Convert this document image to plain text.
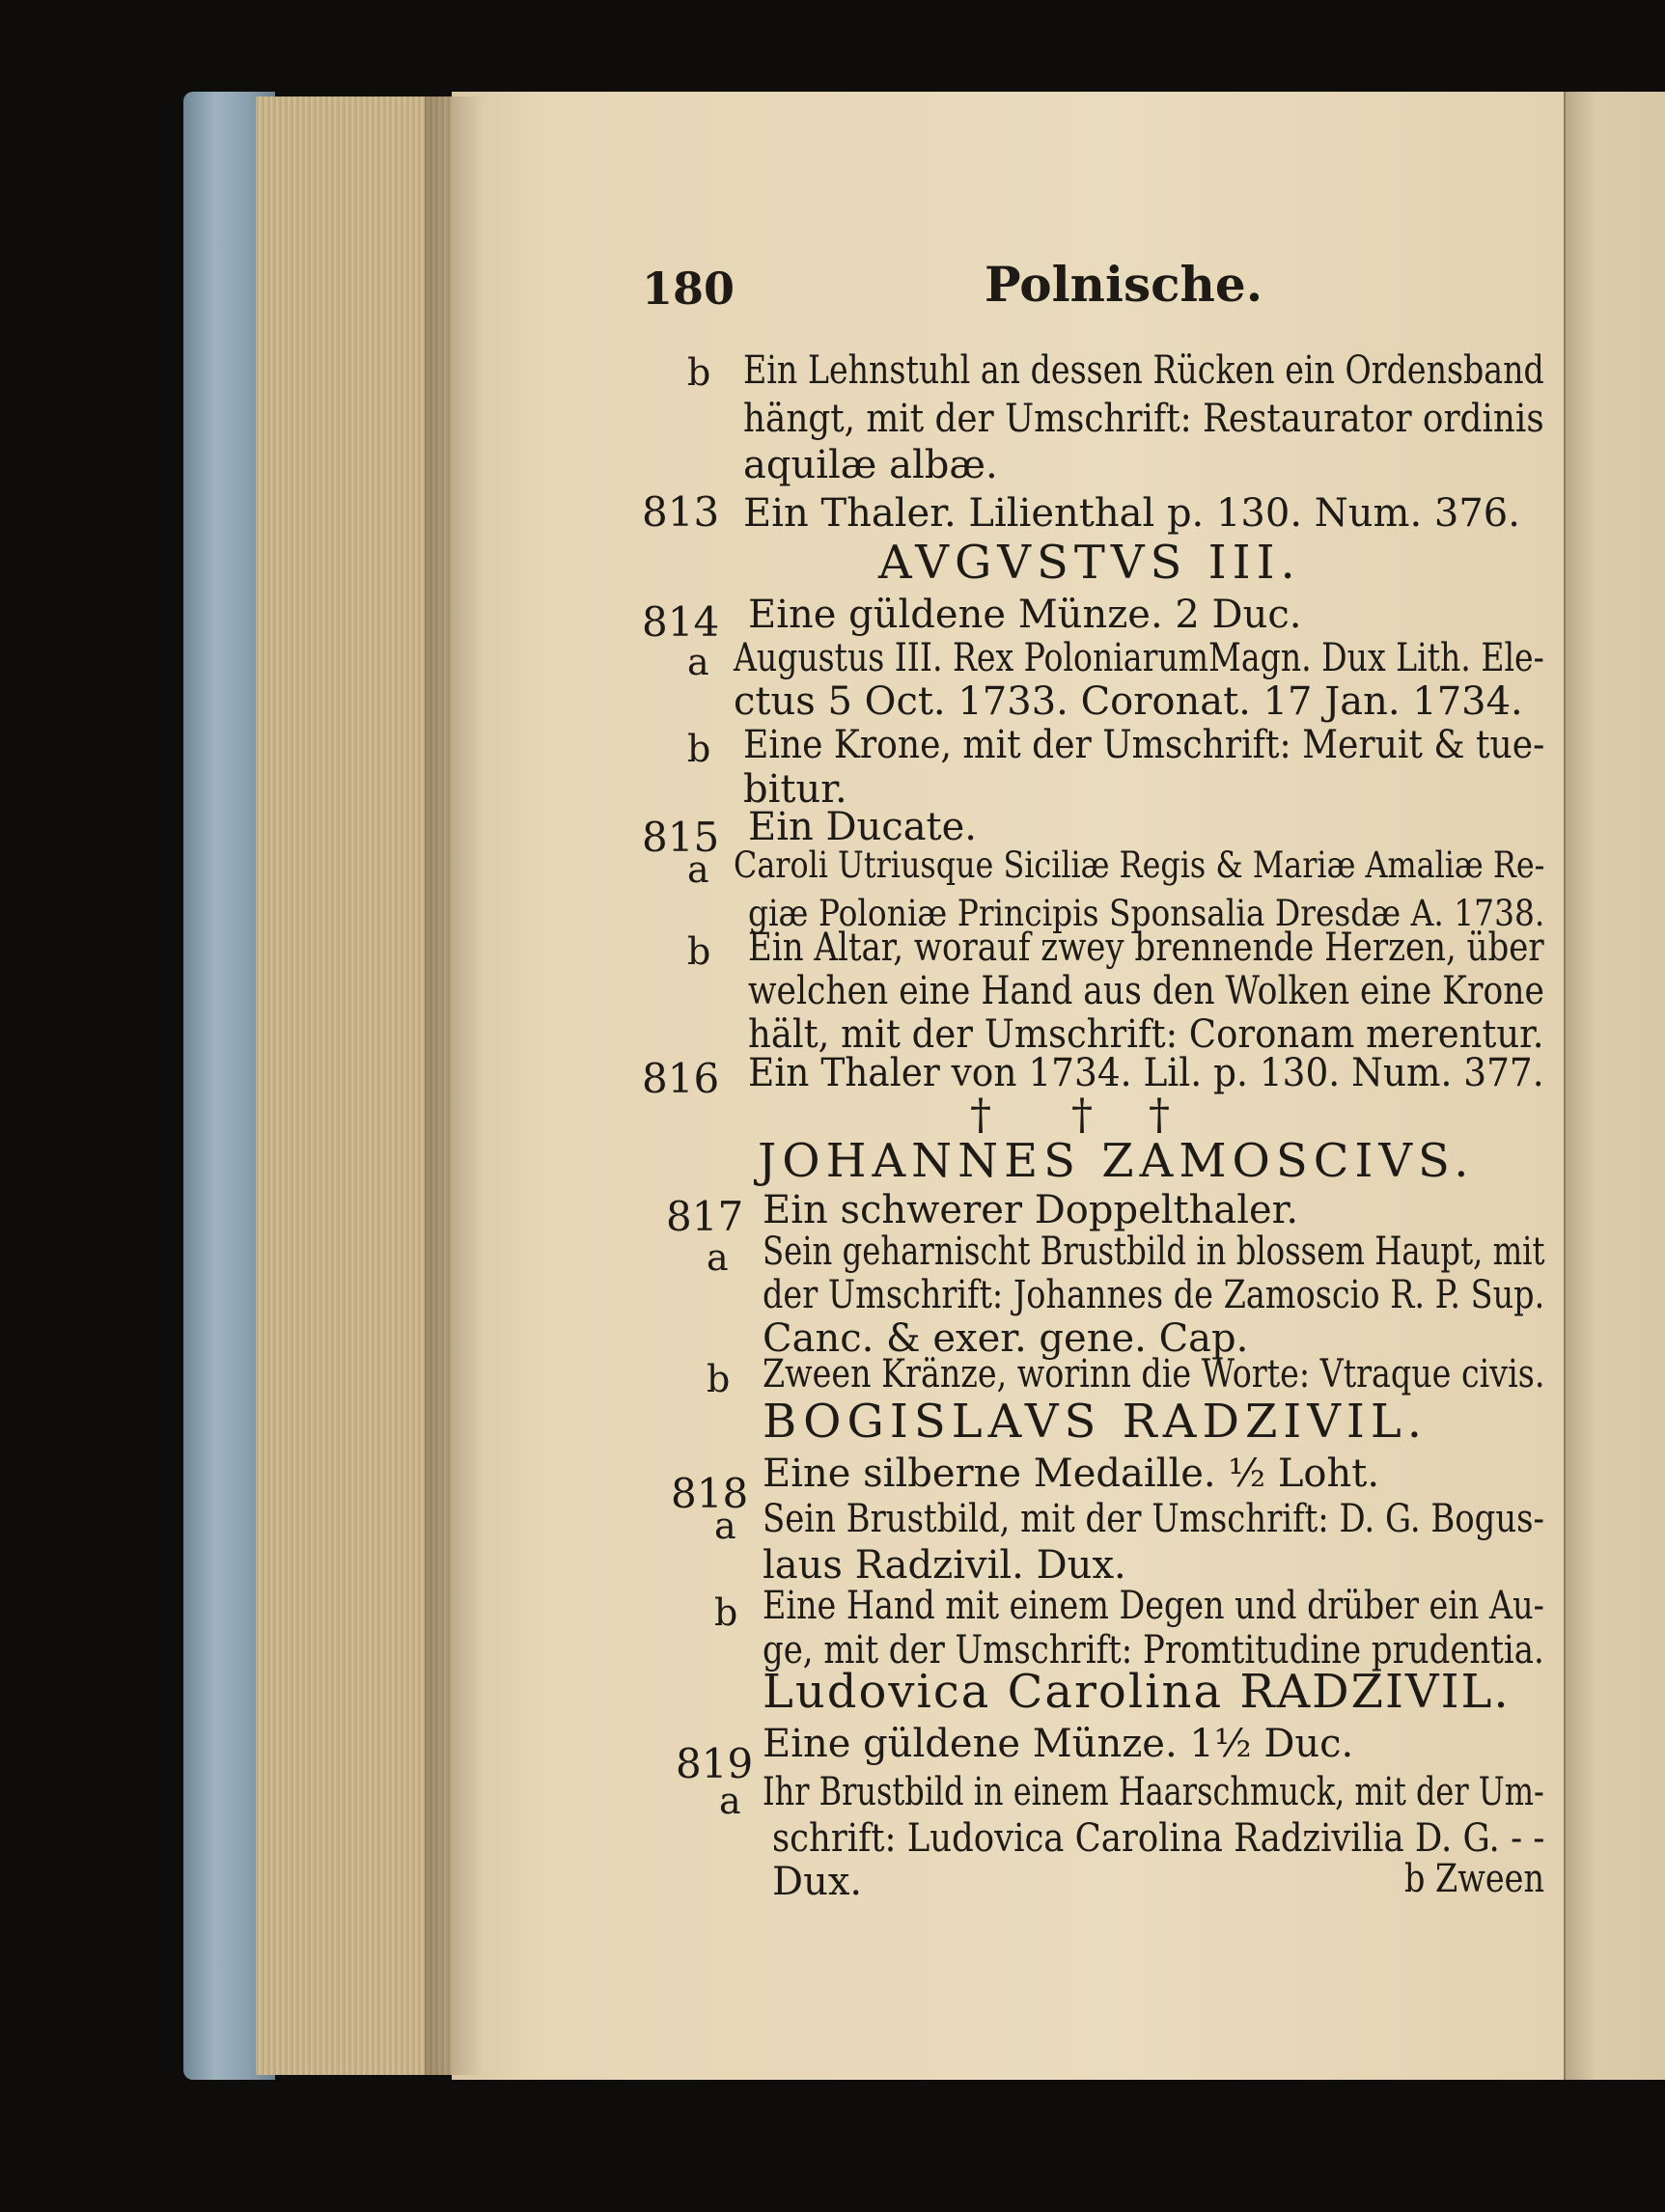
180	Polnische.
b Ein Lehnstuhl an dessen Rücken ein Ordensband
hängt, mit der Umschrift: Restaurator ordinis
aquilæ albæ.
813 Ein Thaler. Lilienthal p. 130. Num. 376.
AVGVSTVS III.
814 Eine güldene Münze. 2 Duc.
a Augustus III. Rex PoloniarumMagn. Dux Lith. Ele-
ctus 5 Oct. 1733. Coronat. 17 Jan. 1734.
b Eine Krone, mit der Umschrift: Meruit & tue-
bitur.
815 Ein Ducate.
a Caroli Utriusque Siciliæ Regis & Mariæ Amaliæ Re-
giæ Poloniæ Principis Sponsalia Dresdæ A. 1738.
b Ein Altar, worauf zwey brennende Herzen, über
welchen eine Hand aus den Wolken eine Krone
hält, mit der Umschrift: Coronam merentur.
816 Ein Thaler von 1734. Lil. p. 130. Num. 377.
† † †
JOHANNES ZAMOSCIVS.
817 Ein schwerer Doppelthaler.
a Sein geharnischt Brustbild in blossem Haupt, mit
der Umschrift: Johannes de Zamoscio R. P. Sup.
Canc. & exer. gene. Cap.
b Zween Kränze, worinn die Worte: Vtraque civis.
BOGISLAVS RADZIVIL.
818 Eine silberne Medaille. ½ Loht.
a Sein Brustbild, mit der Umschrift: D. G. Bogus-
laus Radzivil. Dux.
b Eine Hand mit einem Degen und drüber ein Au-
ge, mit der Umschrift: Promtitudine prudentia.
Ludovica Carolina RADZIVIL.
819 Eine güldene Münze. 1½ Duc.
a Ihr Brustbild in einem Haarschmuck, mit der Um-
schrift: Ludovica Carolina Radzivilia D. G. - -
Dux.	b Zween
